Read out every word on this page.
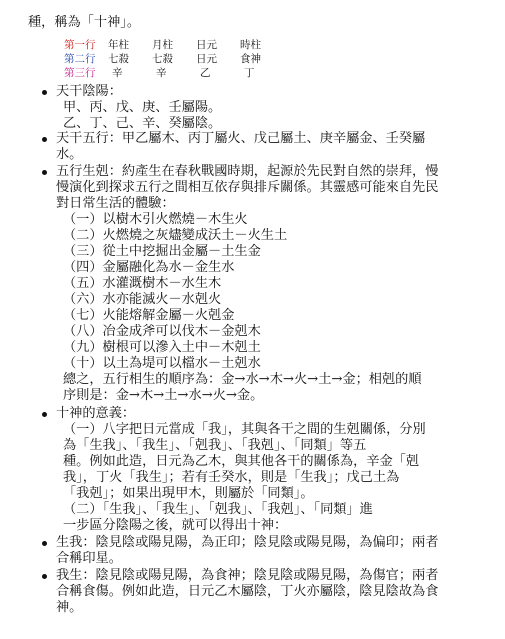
種，稱為「十神」。
第一行	年柱	月柱	日元	時柱
第二行	七殺	七殺	日元	食神
第三行	辛	辛	乙	丁
天干陰陽：
甲、丙、戊、庚、壬屬陽。
乙、丁、己、辛、癸屬陰。
天干五行：甲乙屬木、丙丁屬火、戊己屬土、庚辛屬金、壬癸屬
水。
五行生剋：約產生在春秋戰國時期，起源於先民對自然的崇拜，慢
慢演化到探求五行之間相互依存與排斥關係。其靈感可能來自先民
對日常生活的體驗：
（一）以樹木引火燃燒－木生火
（二）火燃燒之灰燼變成沃土－火生土
（三）從土中挖掘出金屬－土生金
（四）金屬融化為水－金生水
（五）水灌溉樹木－水生木
（六）水亦能滅火－水剋火
（七）火能熔解金屬－火剋金
（八）冶金成斧可以伐木－金剋木
（九）樹根可以滲入土中－木剋土
（十）以土為堤可以檔水－土剋水
總之，五行相生的順序為：金→水→木→火→土→金；相剋的順
序則是：金→木→土→水→火→金。
十神的意義：
（一）八字把日元當成「我」，其與各干之間的生剋關係，分別
為「生我」、「我生」、「剋我」、「我剋」、「同類」等五
種。例如此造，日元為乙木，與其他各干的關係為，辛金「剋
我」，丁火「我生」；若有壬癸水，則是「生我」；戊己土為
「我剋」；如果出現甲木，則屬於「同類」。
（二）「生我」、「我生」、「剋我」、「我剋」、「同類」進
一步區分陰陽之後，就可以得出十神：
生我：陰見陰或陽見陽，為正印；陰見陰或陽見陽，為偏印；兩者
合稱印星。
我生：陰見陰或陽見陽，為食神；陰見陰或陽見陽，為傷官；兩者
合稱食傷。例如此造，日元乙木屬陰，丁火亦屬陰，陰見陰故為食
神。
